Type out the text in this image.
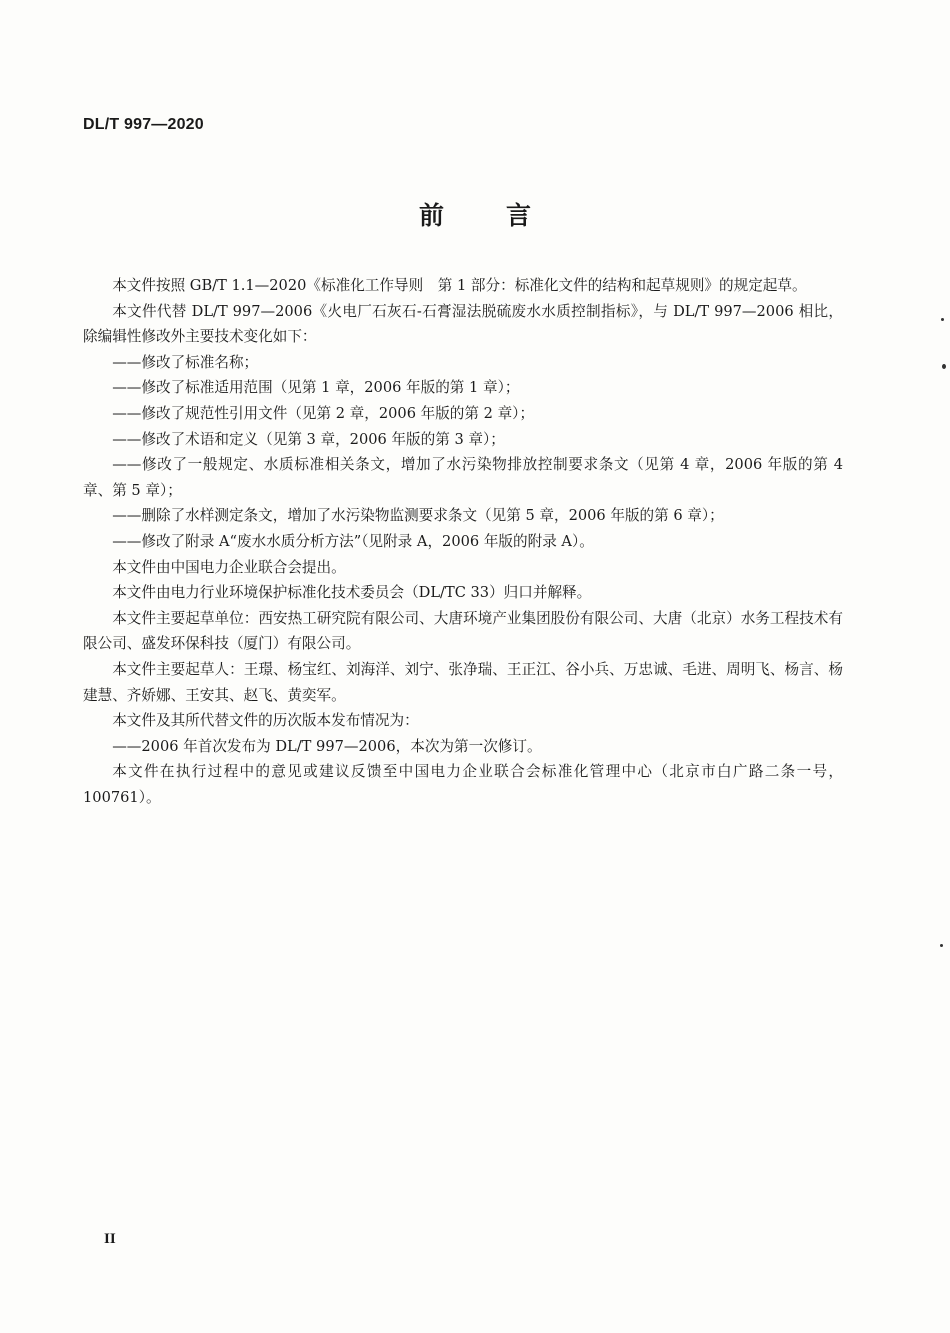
DL/T 997—2020
前言

本文件按照 GB/T 1.1—2020《标准化工作导则　第 1 部分：标准化文件的结构和起草规则》的规定起草。

本文件代替 DL/T 997—2006《火电厂石灰石-石膏湿法脱硫废水水质控制指标》，与 DL/T 997—2006 相比，除编辑性修改外主要技术变化如下：

——修改了标准名称；

——修改了标准适用范围（见第 1 章，2006 年版的第 1 章）；

——修改了规范性引用文件（见第 2 章，2006 年版的第 2 章）；

——修改了术语和定义（见第 3 章，2006 年版的第 3 章）；

——修改了一般规定、水质标准相关条文，增加了水污染物排放控制要求条文（见第 4 章，2006 年版的第 4 章、第 5 章）；

——删除了水样测定条文，增加了水污染物监测要求条文（见第 5 章，2006 年版的第 6 章）；

——修改了附录 A“废水水质分析方法”（见附录 A，2006 年版的附录 A）。

本文件由中国电力企业联合会提出。

本文件由电力行业环境保护标准化技术委员会（DL/TC 33）归口并解释。

本文件主要起草单位：西安热工研究院有限公司、大唐环境产业集团股份有限公司、大唐（北京）水务工程技术有限公司、盛发环保科技（厦门）有限公司。

本文件主要起草人：王璟、杨宝红、刘海洋、刘宁、张净瑞、王正江、谷小兵、万忠诚、毛进、周明飞、杨言、杨建慧、齐娇娜、王安其、赵飞、黄奕军。

本文件及其所代替文件的历次版本发布情况为：

——2006 年首次发布为 DL/T 997—2006，本次为第一次修订。

本文件在执行过程中的意见或建议反馈至中国电力企业联合会标准化管理中心（北京市白广路二条一号，100761）。

II
